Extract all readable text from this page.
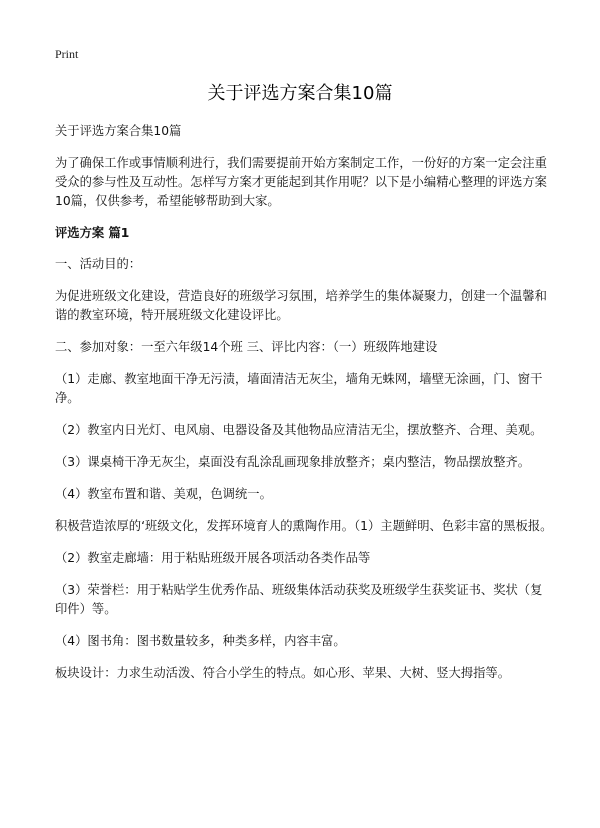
Print
关于评选方案合集10篇

关于评选方案合集10篇

为了确保工作或事情顺利进行，我们需要提前开始方案制定工作，一份好的方案一定会注重受众的参与性及互动性。怎样写方案才更能起到其作用呢？以下是小编精心整理的评选方案10篇，仅供参考，希望能够帮助到大家。

评选方案 篇1

一、活动目的：

为促进班级文化建设，营造良好的班级学习氛围，培养学生的集体凝聚力，创建一个温馨和谐的教室环境，特开展班级文化建设评比。

二、参加对象：一至六年级14个班 三、评比内容：（一）班级阵地建设

（1）走廊、教室地面干净无污渍，墙面清洁无灰尘，墙角无蛛网，墙壁无涂画，门、窗干净。

（2）教室内日光灯、电风扇、电器设备及其他物品应清洁无尘，摆放整齐、合理、美观。

（3）课桌椅干净无灰尘，桌面没有乱涂乱画现象排放整齐；桌内整洁，物品摆放整齐。

（4）教室布置和谐、美观，色调统一。

积极营造浓厚的‘班级文化，发挥环境育人的熏陶作用。（1）主题鲜明、色彩丰富的黑板报。

（2）教室走廊墙：用于粘贴班级开展各项活动各类作品等

（3）荣誉栏：用于粘贴学生优秀作品、班级集体活动获奖及班级学生获奖证书、奖状（复印件）等。

（4）图书角：图书数量较多，种类多样，内容丰富。

板块设计：力求生动活泼、符合小学生的特点。如心形、苹果、大树、竖大拇指等。
